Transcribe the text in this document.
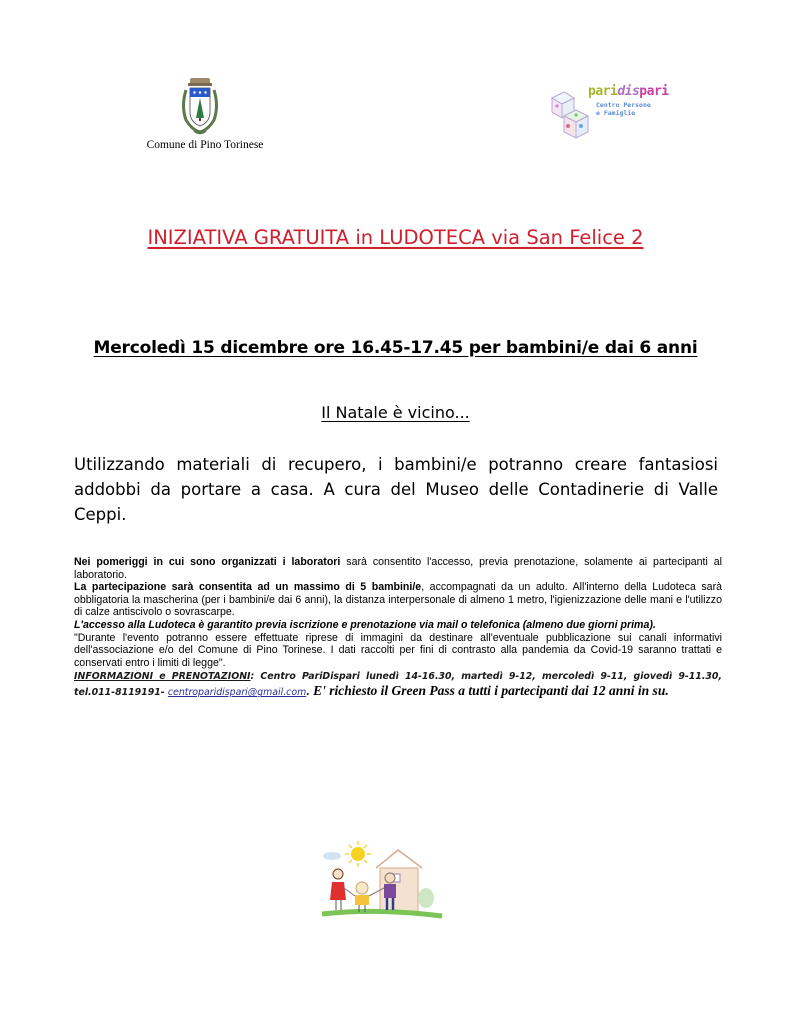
Comune di Pino Torinese
paridispari
Centro Persone
e Famiglie
INIZIATIVA GRATUITA in LUDOTECA via San Felice 2
Mercoledì 15 dicembre ore 16.45-17.45 per bambini/e dai 6 anni
Il Natale è vicino...
Utilizzando materiali di recupero, i bambini/e potranno creare fantasiosi addobbi da portare a casa. A cura del Museo delle Contadinerie di Valle Ceppi.

Nei pomeriggi in cui sono organizzati i laboratori sarà consentito l'accesso, previa prenotazione, solamente ai partecipanti al laboratorio.

La partecipazione sarà consentita ad un massimo di 5 bambini/e, accompagnati da un adulto. All'interno della Ludoteca sarà obbligatoria la mascherina (per i bambini/e dai 6 anni), la distanza interpersonale di almeno 1 metro, l'igienizzazione delle mani e l'utilizzo di calze antiscivolo o sovrascarpe.

L'accesso alla Ludoteca è garantito previa iscrizione e prenotazione via mail o telefonica (almeno due giorni prima).

"Durante l'evento potranno essere effettuate riprese di immagini da destinare all'eventuale pubblicazione sui canali informativi dell'associazione e/o del Comune di Pino Torinese. I dati raccolti per fini di contrasto alla pandemia da Covid-19 saranno trattati e conservati entro i limiti di legge".

INFORMAZIONI e PRENOTAZIONI: Centro PariDispari lunedì 14-16.30, martedì 9-12, mercoledì 9-11, giovedì 9-11.30, tel.011-8119191- centroparidispari@gmail.com. E' richiesto il Green Pass a tutti i partecipanti dai 12 anni in su.
